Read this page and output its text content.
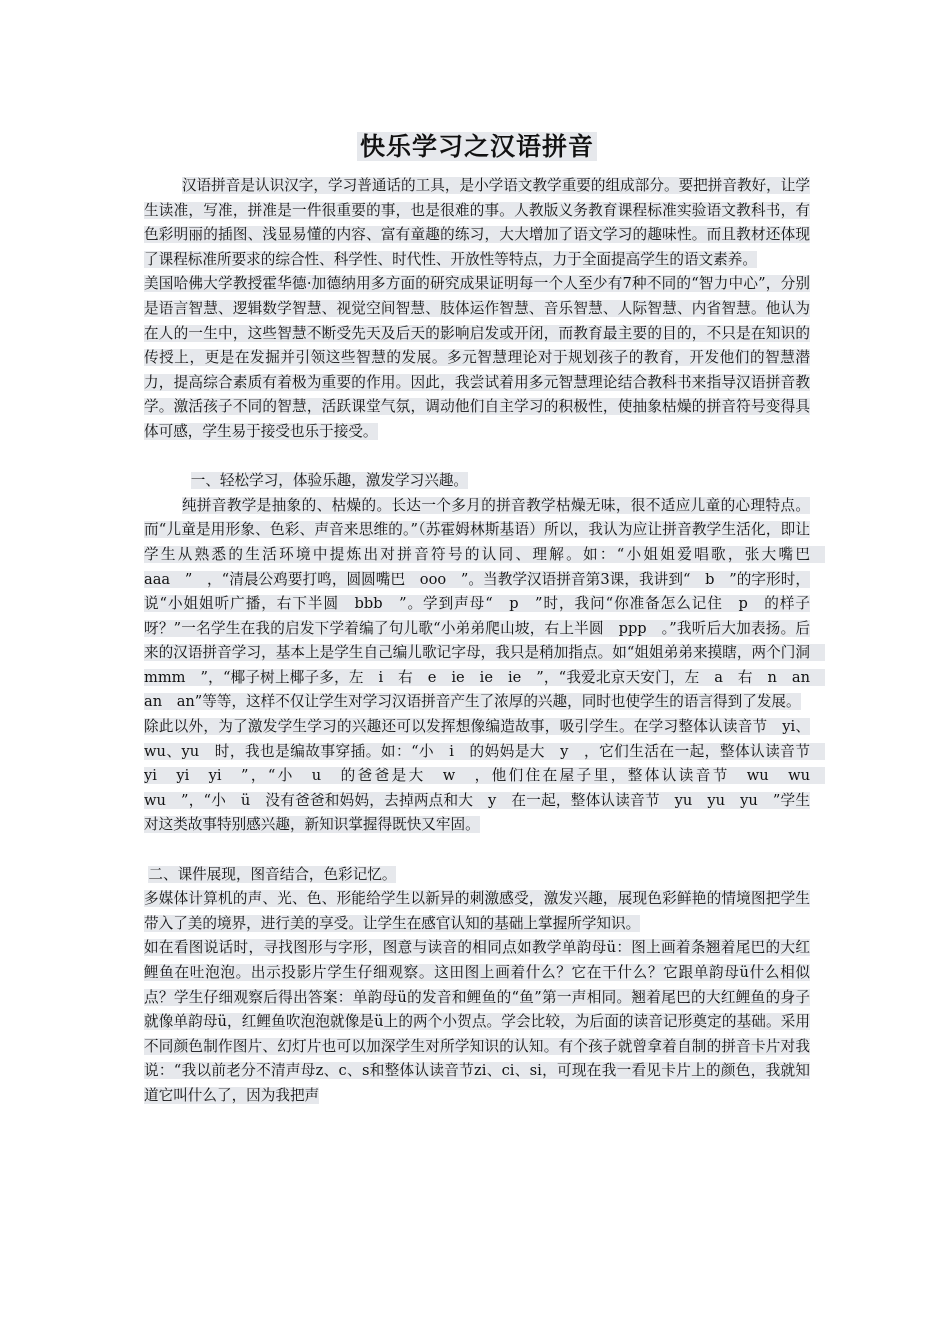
快乐学习之汉语拼音

汉语拼音是认识汉字，学习普通话的工具，是小学语文教学重要的组成部分。要把拼音教好，让学生读准，写准，拼准是一件很重要的事，也是很难的事。人教版义务教育课程标准实验语文教科书，有色彩明丽的插图、浅显易懂的内容、富有童趣的练习，大大增加了语文学习的趣味性。而且教材还体现了课程标准所要求的综合性、科学性、时代性、开放性等特点，力于全面提高学生的语文素养。

美国哈佛大学教授霍华德·加德纳用多方面的研究成果证明每一个人至少有7种不同的“智力中心”，分别是语言智慧、逻辑数学智慧、视觉空间智慧、肢体运作智慧、音乐智慧、人际智慧、内省智慧。他认为在人的一生中，这些智慧不断受先天及后天的影响启发或开闭，而教育最主要的目的，不只是在知识的传授上，更是在发掘并引领这些智慧的发展。多元智慧理论对于规划孩子的教育，开发他们的智慧潜力，提高综合素质有着极为重要的作用。因此，我尝试着用多元智慧理论结合教科书来指导汉语拼音教学。激活孩子不同的智慧，活跃课堂气氛，调动他们自主学习的积极性，使抽象枯燥的拼音符号变得具体可感，学生易于接受也乐于接受。

一、轻松学习，体验乐趣，激发学习兴趣。

纯拼音教学是抽象的、枯燥的。长达一个多月的拼音教学枯燥无味，很不适应儿童的心理特点。而“儿童是用形象、色彩、声音来思维的。”（苏霍姆林斯基语）所以，我认为应让拼音教学生活化，即让学生从熟悉的生活环境中提炼出对拼音符号的认同、理解。如：“小姐姐爱唱歌，张大嘴巴　aaa　”　，“清晨公鸡要打鸣，圆圆嘴巴　ooo　”。当教学汉语拼音第3课，我讲到“　b　”的字形时，说“小姐姐听广播，右下半圆　bbb　”。学到声母“　p　”时，我问“你准备怎么记住　p　的样子呀？”一名学生在我的启发下学着编了句儿歌“小弟弟爬山坡，右上半圆　ppp　。”我听后大加表扬。后来的汉语拼音学习，基本上是学生自己编儿歌记字母，我只是稍加指点。如“姐姐弟弟来摸瞎，两个门洞　mmm　”，“椰子树上椰子多，左　i　右　e　ie　ie　ie　”，“我爱北京天安门，左　a　右　n　an　an　an”等等，这样不仅让学生对学习汉语拼音产生了浓厚的兴趣，同时也使学生的语言得到了发展。

除此以外，为了激发学生学习的兴趣还可以发挥想像编造故事，吸引学生。在学习整体认读音节　yi、wu、yu　时，我也是编故事穿插。如：“小　i　的妈妈是大　y　，它们生活在一起，整体认读音节　yi　yi　yi　”，“小　u　的爸爸是大　w　，他们住在屋子里，整体认读音节　wu　wu　wu　”，“小　ü　没有爸爸和妈妈，去掉两点和大　y　在一起，整体认读音节　yu　yu　yu　”学生对这类故事特别感兴趣，新知识掌握得既快又牢固。

二、课件展现，图音结合，色彩记忆。

多媒体计算机的声、光、色、形能给学生以新异的刺激感受，激发兴趣，展现色彩鲜艳的情境图把学生带入了美的境界，进行美的享受。让学生在感官认知的基础上掌握所学知识。

如在看图说话时，寻找图形与字形，图意与读音的相同点如教学单韵母ü：图上画着条翘着尾巴的大红鲤鱼在吐泡泡。出示投影片学生仔细观察。这田图上画着什么？它在干什么？它跟单韵母ü什么相似点？学生仔细观察后得出答案：单韵母ü的发音和鲤鱼的“鱼”第一声相同。翘着尾巴的大红鲤鱼的身子就像单韵母ü，红鲤鱼吹泡泡就像是ü上的两个小贺点。学会比较，为后面的读音记形奠定的基础。采用不同颜色制作图片、幻灯片也可以加深学生对所学知识的认知。有个孩子就曾拿着自制的拼音卡片对我说：“我以前老分不清声母z、c、s和整体认读音节zi、ci、si，可现在我一看见卡片上的颜色，我就知道它叫什么了，因为我把声
